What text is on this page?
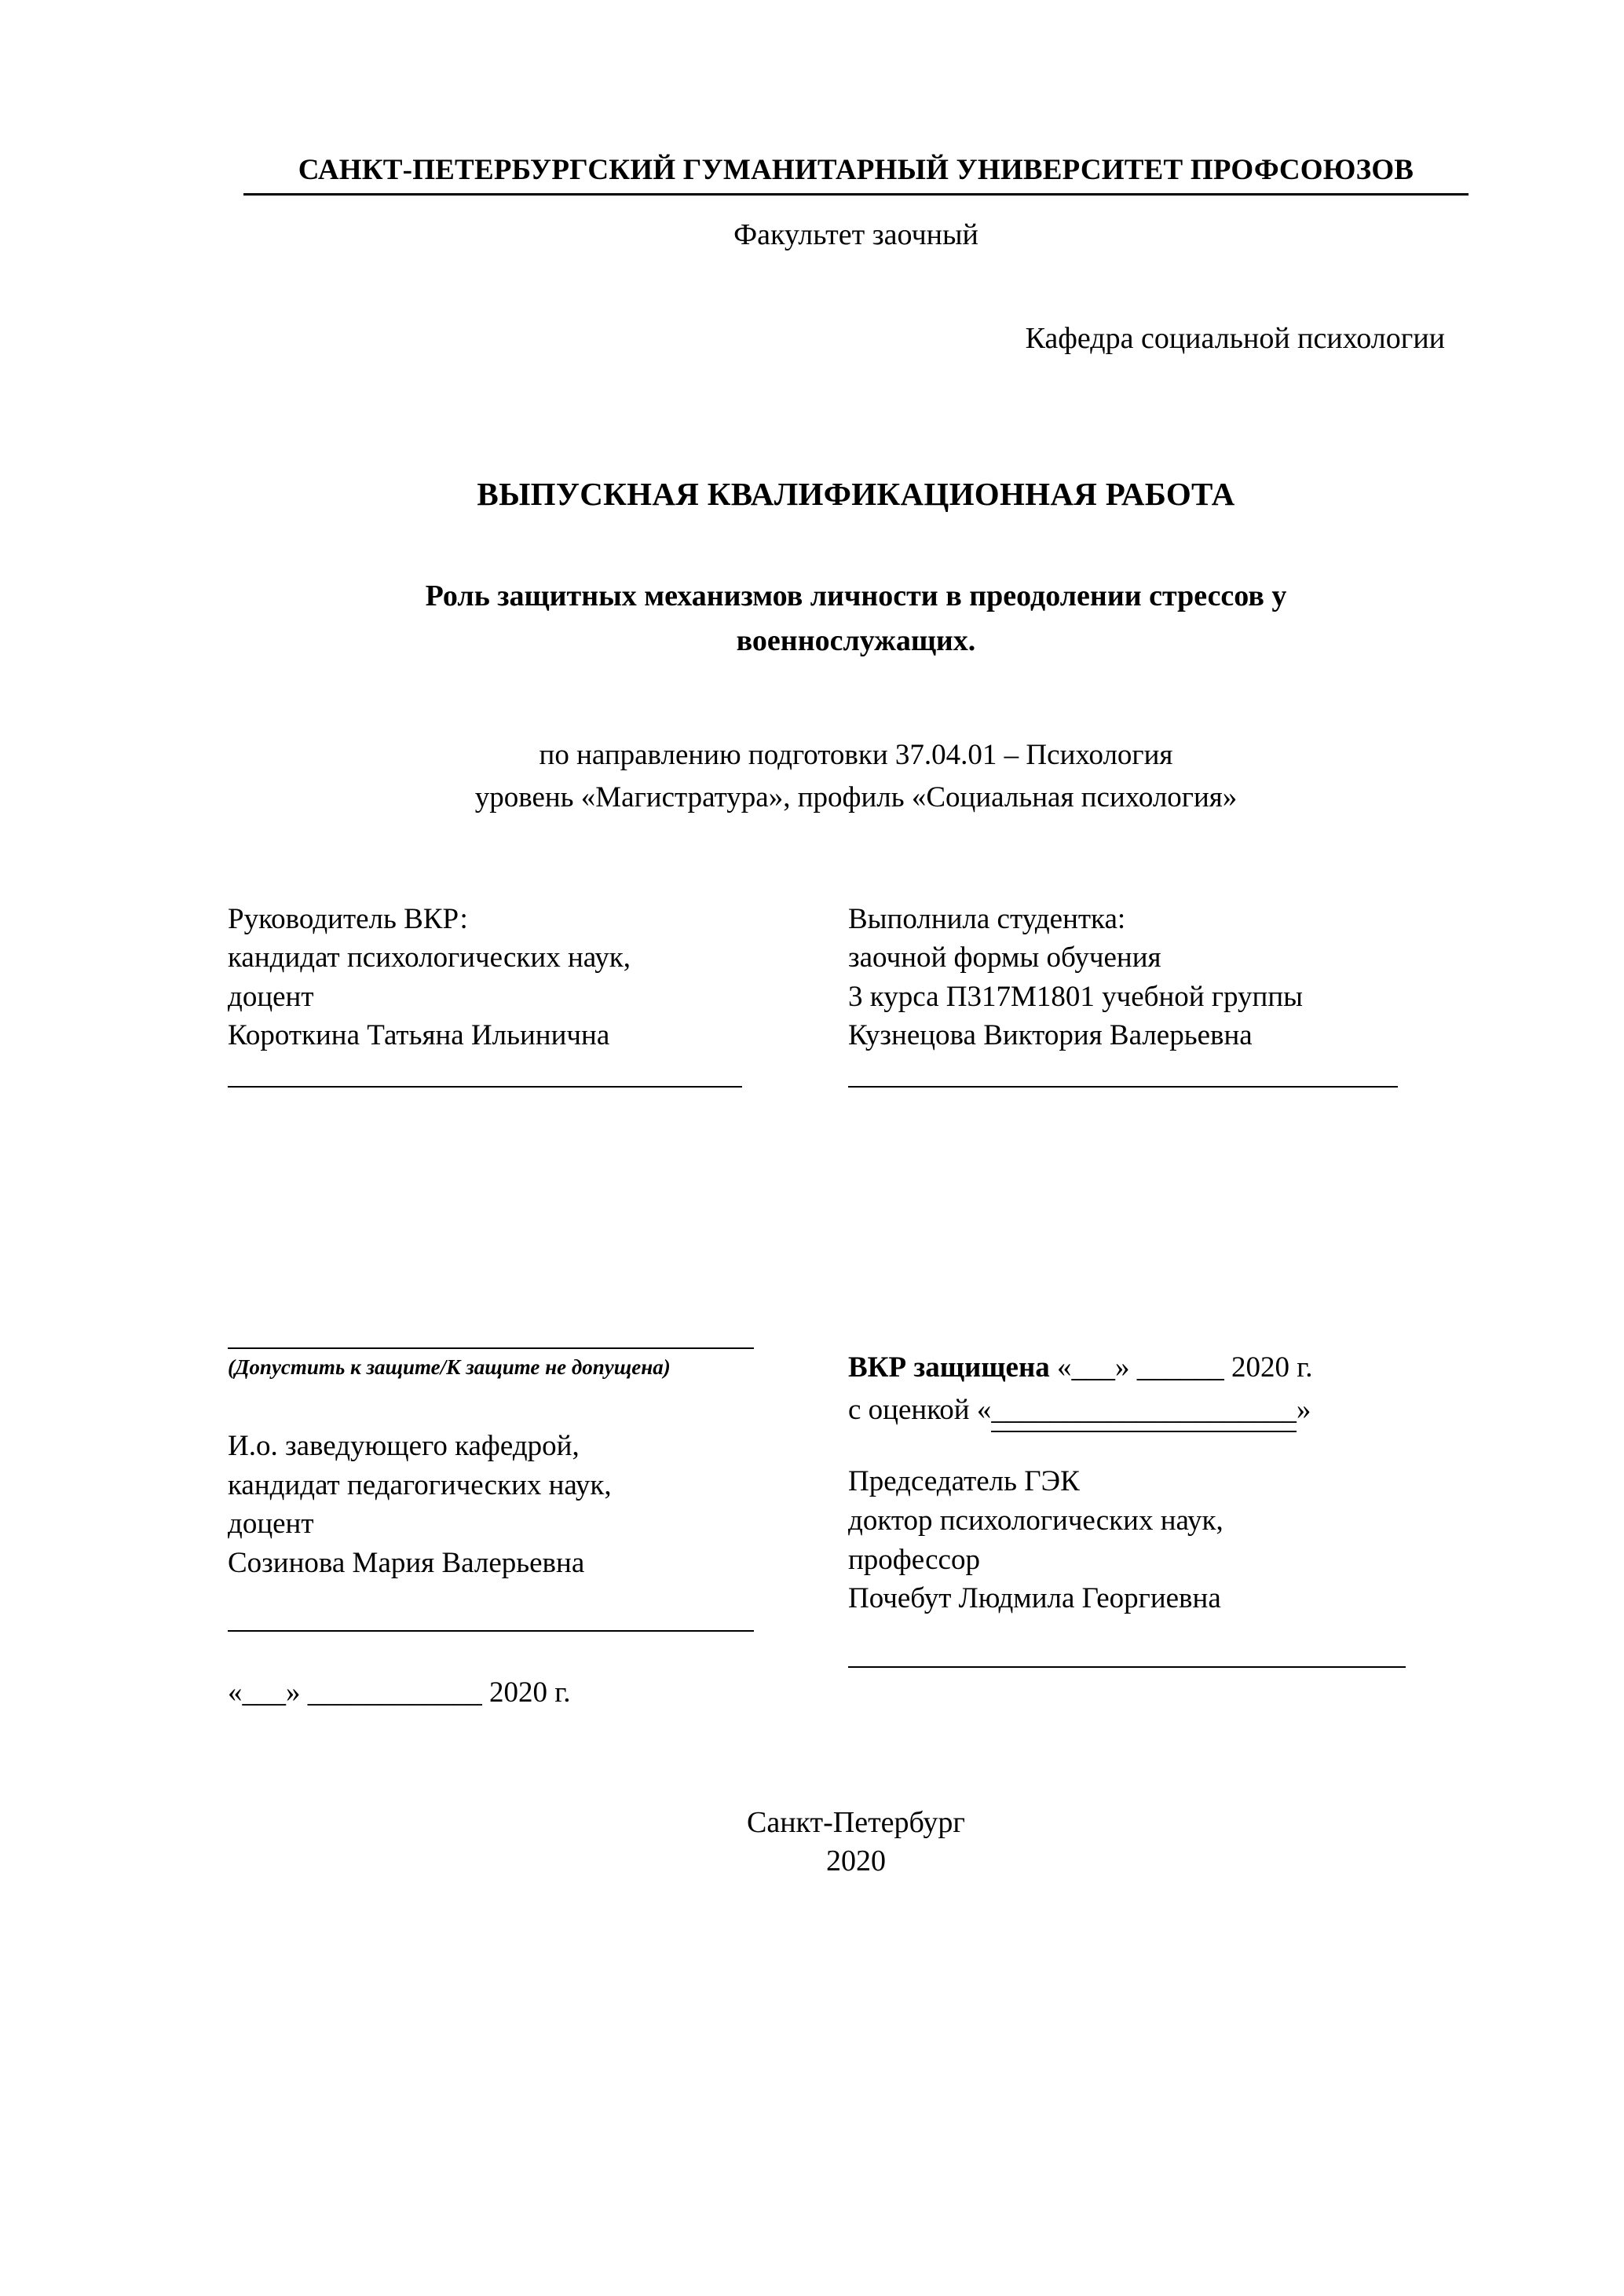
САНКТ-ПЕТЕРБУРГСКИЙ ГУМАНИТАРНЫЙ УНИВЕРСИТЕТ ПРОФСОЮЗОВ
Факультет заочный
Кафедра социальной психологии
ВЫПУСКНАЯ КВАЛИФИКАЦИОННАЯ РАБОТА
Роль защитных механизмов личности в преодолении стрессов у военнослужащих.
по направлению подготовки 37.04.01 – Психология
уровень «Магистратура», профиль «Социальная психология»
Руководитель ВКР:
кандидат психологических наук,
доцент
Короткина Татьяна Ильинична
Выполнила студентка:
заочной формы обучения
3 курса П317М1801 учебной группы
Кузнецова Виктория Валерьевна
(Допустить к защите/К защите не допущена)
И.о. заведующего кафедрой,
кандидат педагогических наук,
доцент
Созинова Мария Валерьевна
«___» ____________ 2020 г.
ВКР защищена «___» ______ 2020 г.
с оценкой «_____________________»
Председатель ГЭК
доктор психологических наук,
профессор
Почебут Людмила Георгиевна
Санкт-Петербург
2020
